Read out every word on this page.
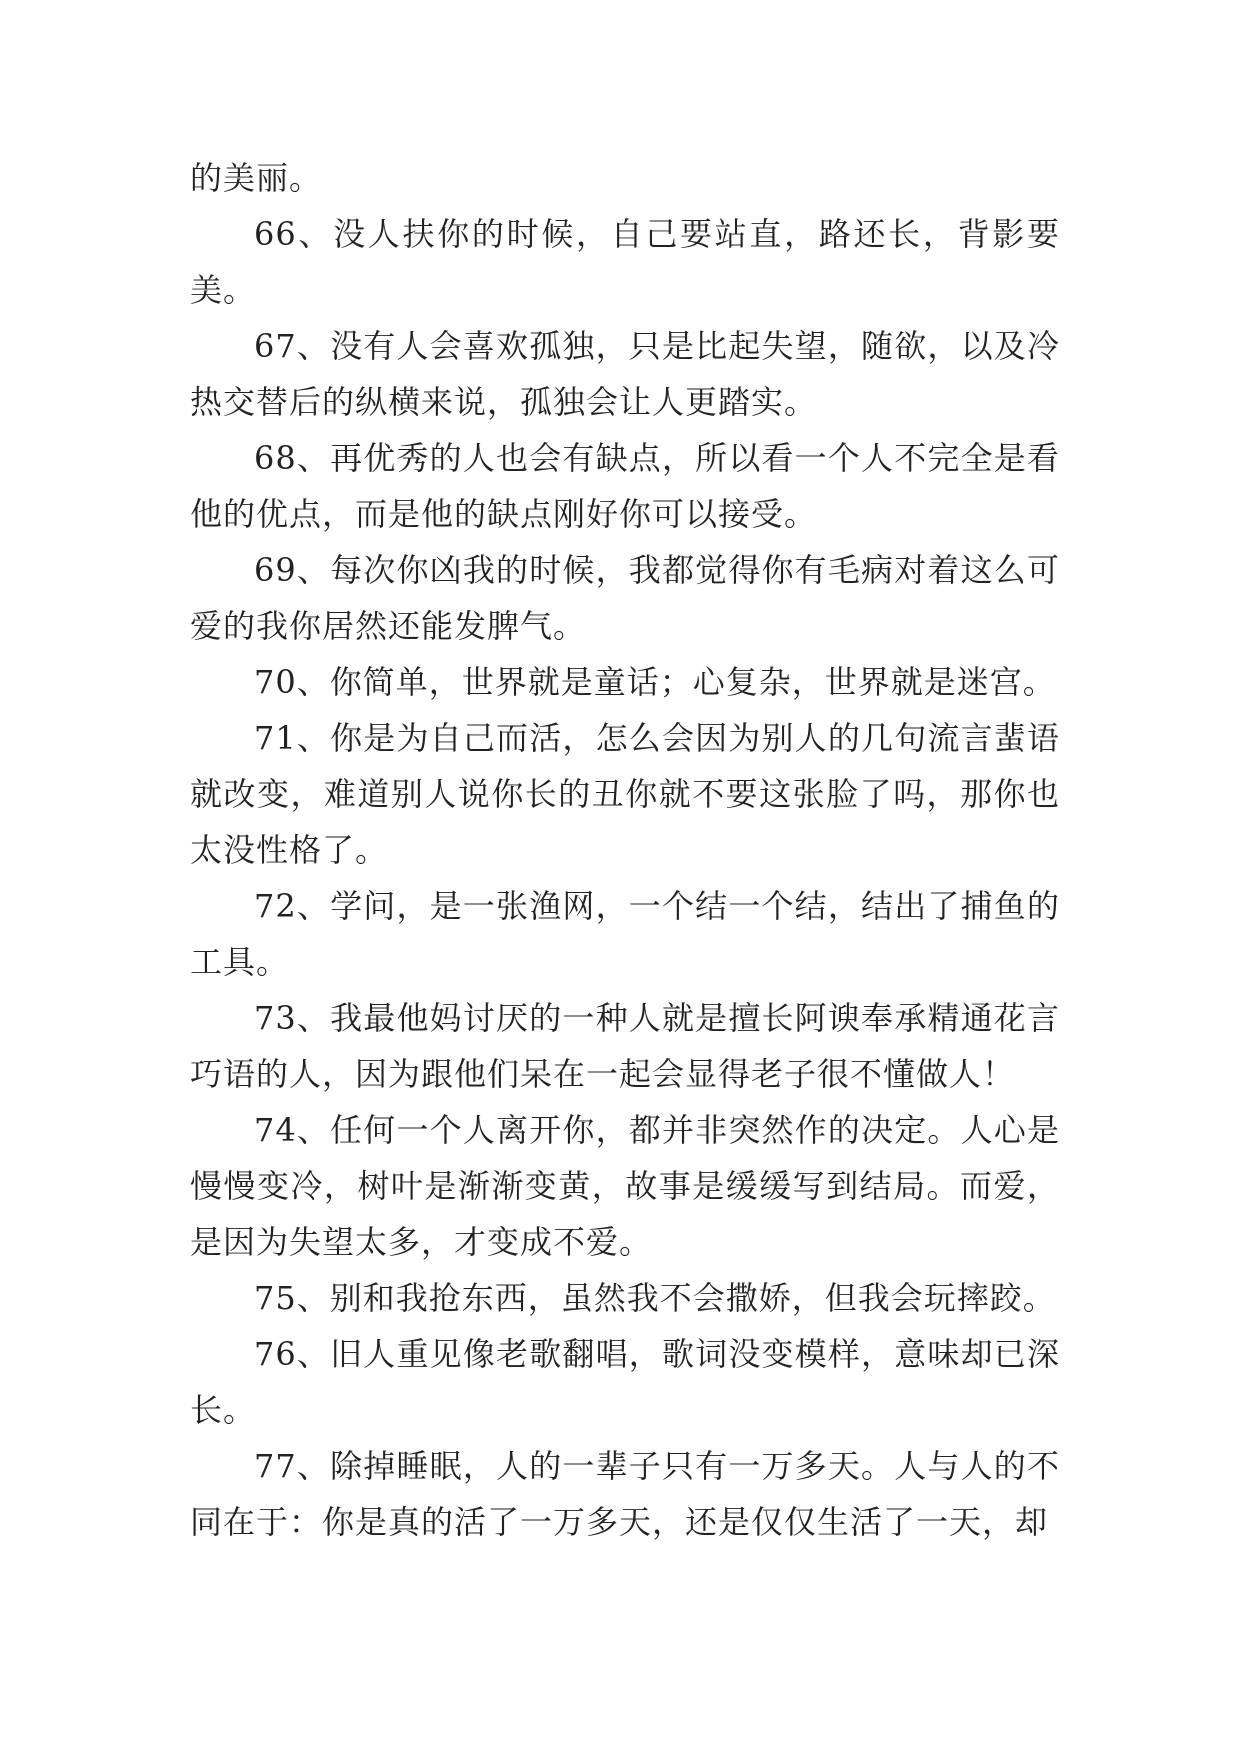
的美丽。

66、没人扶你的时候，自己要站直，路还长，背影要美。

67、没有人会喜欢孤独，只是比起失望，随欲，以及冷热交替后的纵横来说，孤独会让人更踏实。

68、再优秀的人也会有缺点，所以看一个人不完全是看他的优点，而是他的缺点刚好你可以接受。

69、每次你凶我的时候，我都觉得你有毛病对着这么可爱的我你居然还能发脾气。

70、你简单，世界就是童话；心复杂，世界就是迷宫。

71、你是为自己而活，怎么会因为别人的几句流言蜚语就改变，难道别人说你长的丑你就不要这张脸了吗，那你也太没性格了。

72、学问，是一张渔网，一个结一个结，结出了捕鱼的工具。

73、我最他妈讨厌的一种人就是擅长阿谀奉承精通花言巧语的人，因为跟他们呆在一起会显得老子很不懂做人！

74、任何一个人离开你，都并非突然作的决定。人心是慢慢变冷，树叶是渐渐变黄，故事是缓缓写到结局。而爱，是因为失望太多，才变成不爱。

75、别和我抢东西，虽然我不会撒娇，但我会玩摔跤。

76、旧人重见像老歌翻唱，歌词没变模样，意味却已深长。

77、除掉睡眠，人的一辈子只有一万多天。人与人的不同在于：你是真的活了一万多天，还是仅仅生活了一天，却
